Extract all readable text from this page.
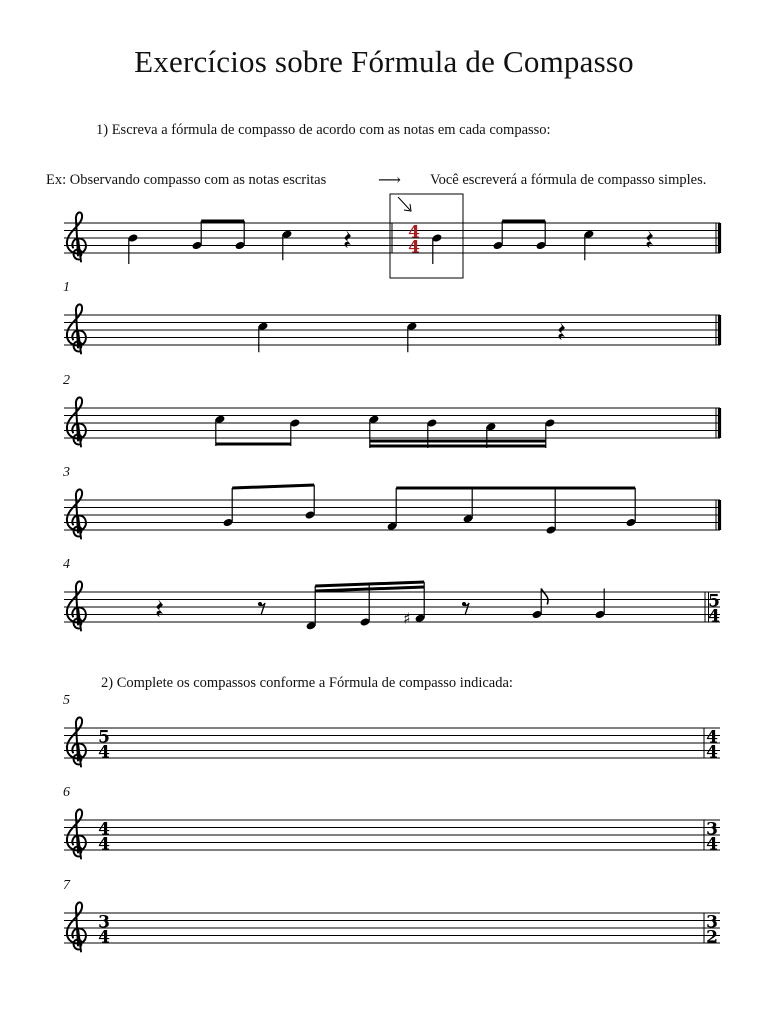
Exercícios sobre Fórmula de Compasso
1) Escreva a fórmula de compasso de acordo com as notas em cada compasso:
Ex: Observando compasso com as notas escritas	⟶ Você escreverá a fórmula de compasso simples.
2) Complete os compassos conforme a Fórmula de compasso indicada:
1
2
3
4
5
6
7
4
4
♯
5
4
5
4
4
4
4
4
3
4
3
4
3
2
